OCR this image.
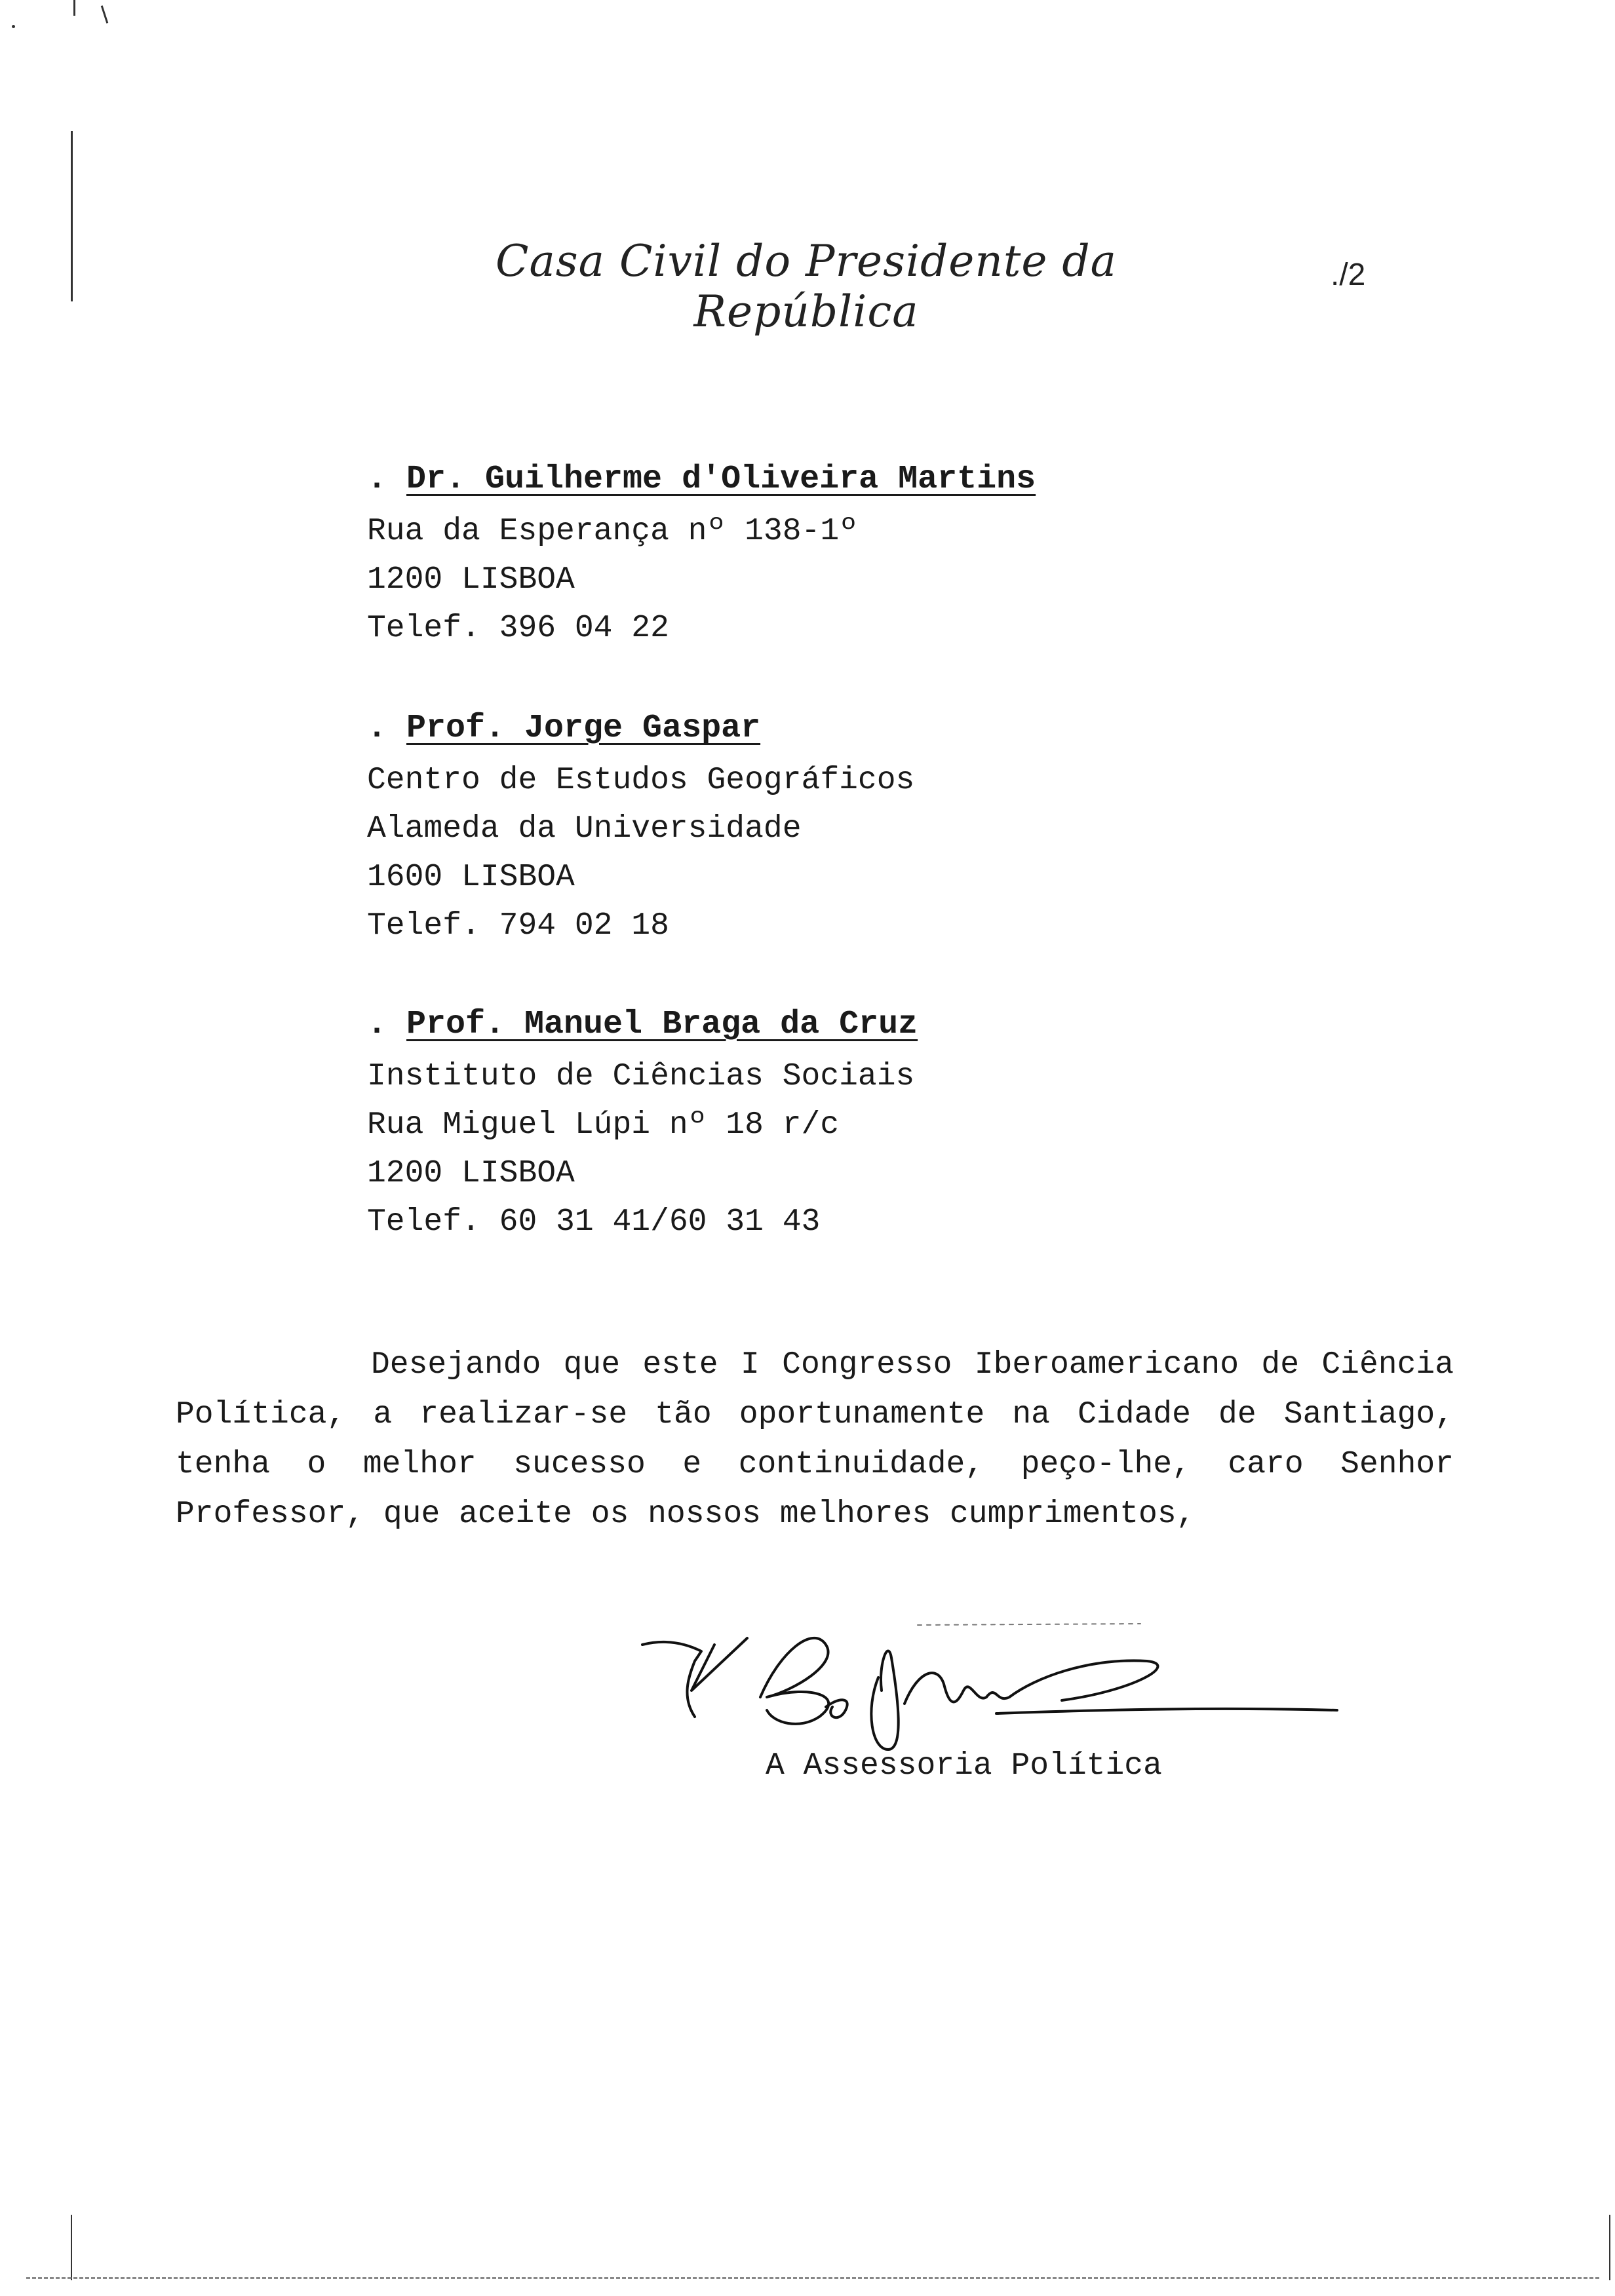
Casa Civil do Presidente da República
./2
. Dr. Guilherme d'Oliveira Martins
Rua da Esperança nº 138-1º
1200 LISBOA
Telef. 396 04 22
. Prof. Jorge Gaspar
Centro de Estudos Geográficos
Alameda da Universidade
1600 LISBOA
Telef. 794 02 18
. Prof. Manuel Braga da Cruz
Instituto de Ciências Sociais
Rua Miguel Lúpi nº 18 r/c
1200 LISBOA
Telef. 60 31 41/60 31 43
Desejando que este I Congresso Iberoamericano de Ciência Política, a realizar-se tão oportunamente na Cidade de Santiago, tenha o melhor sucesso e continuidade, peço-lhe, caro Senhor Professor, que aceite os nossos melhores cumprimentos,
A Assessoria Política
